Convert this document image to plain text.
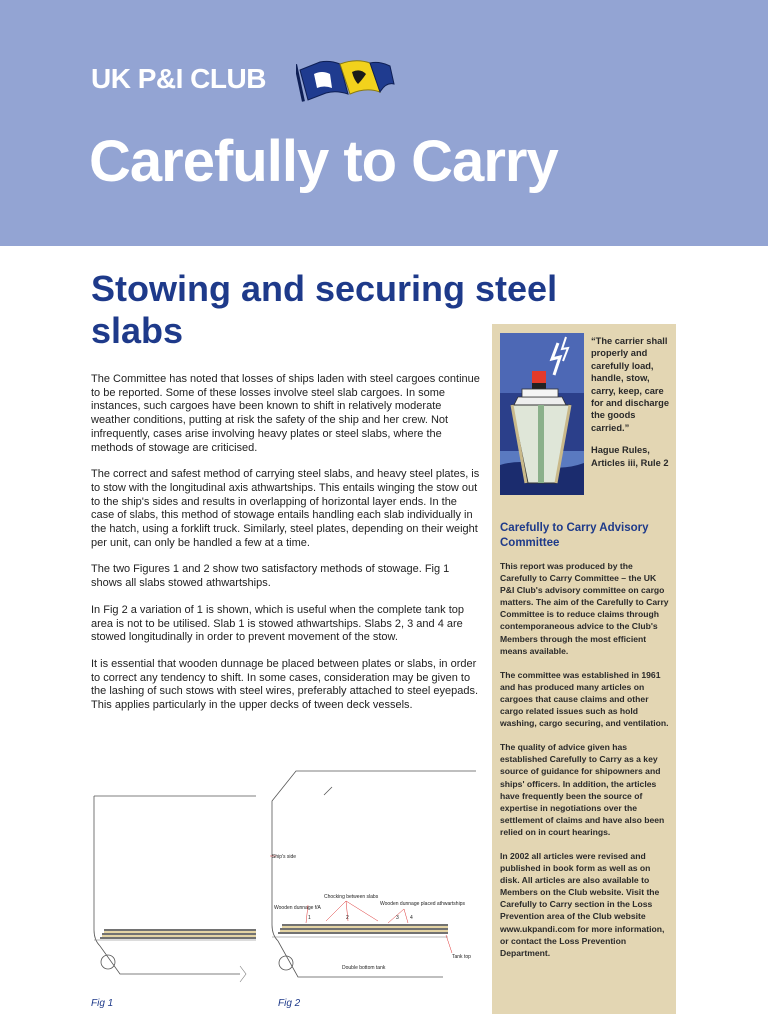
UK P&I CLUB
Carefully to Carry
Stowing and securing steel slabs

The Committee has noted that losses of ships laden with steel cargoes continue to be reported. Some of these losses involve steel slab cargoes. In some instances, such cargoes have been known to shift in relatively moderate weather conditions, putting at risk the safety of the ship and her crew. Not infrequently, cases arise involving heavy plates or steel slabs, where the methods of stowage are criticised.

The correct and safest method of carrying steel slabs, and heavy steel plates, is to stow with the longitudinal axis athwartships. This entails winging the stow out to the ship's sides and results in overlapping of horizontal layer ends. In the case of slabs, this method of stowage entails handling each slab individually in the hatch, using a forklift truck. Similarly, steel plates, depending on their weight per unit, can only be handled a few at a time.

The two Figures 1 and 2 show two satisfactory methods of stowage. Fig 1 shows all slabs stowed athwartships.

In Fig 2 a variation of 1 is shown, which is useful when the complete tank top area is not to be utilised. Slab 1 is stowed athwartships. Slabs 2, 3 and 4 are stowed longitudinally in order to prevent movement of the stow.

It is essential that wooden dunnage be placed between plates or slabs, in order to correct any tendency to shift. In some cases, consideration may be given to the lashing of such stows with steel wires, preferably attached to steel eyepads. This applies particularly in the upper decks of tween deck vessels.

“The carrier shall properly and carefully load, handle, stow, carry, keep, care for and discharge the goods carried.”

Hague Rules, Articles iii, Rule 2

Carefully to Carry Advisory Committee

This report was produced by the Carefully to Carry Committee – the UK P&I Club's advisory committee on cargo matters. The aim of the Carefully to Carry Committee is to reduce claims through contemporaneous advice to the Club's Members through the most efficient means available.

The committee was established in 1961 and has produced many articles on cargoes that cause claims and other cargo related issues such as hold washing, cargo securing, and ventilation.

The quality of advice given has established Carefully to Carry as a key source of guidance for shipowners and ships' officers. In addition, the articles have frequently been the source of expertise in negotiations over the settlement of claims and have also been relied on in court hearings.

In 2002 all articles were revised and published in book form as well as on disk. All articles are also available to Members on the Club website. Visit the Carefully to Carry section in the Loss Prevention area of the Club website www.ukpandi.com for more information, or contact the Loss Prevention Department.

Ship's side
Chocking between slabs
Wooden dunnage f/A
Wooden dunnage placed athwartships
1	2	3 4
Tank top
Double bottom tank
Fig 1	Fig 2
